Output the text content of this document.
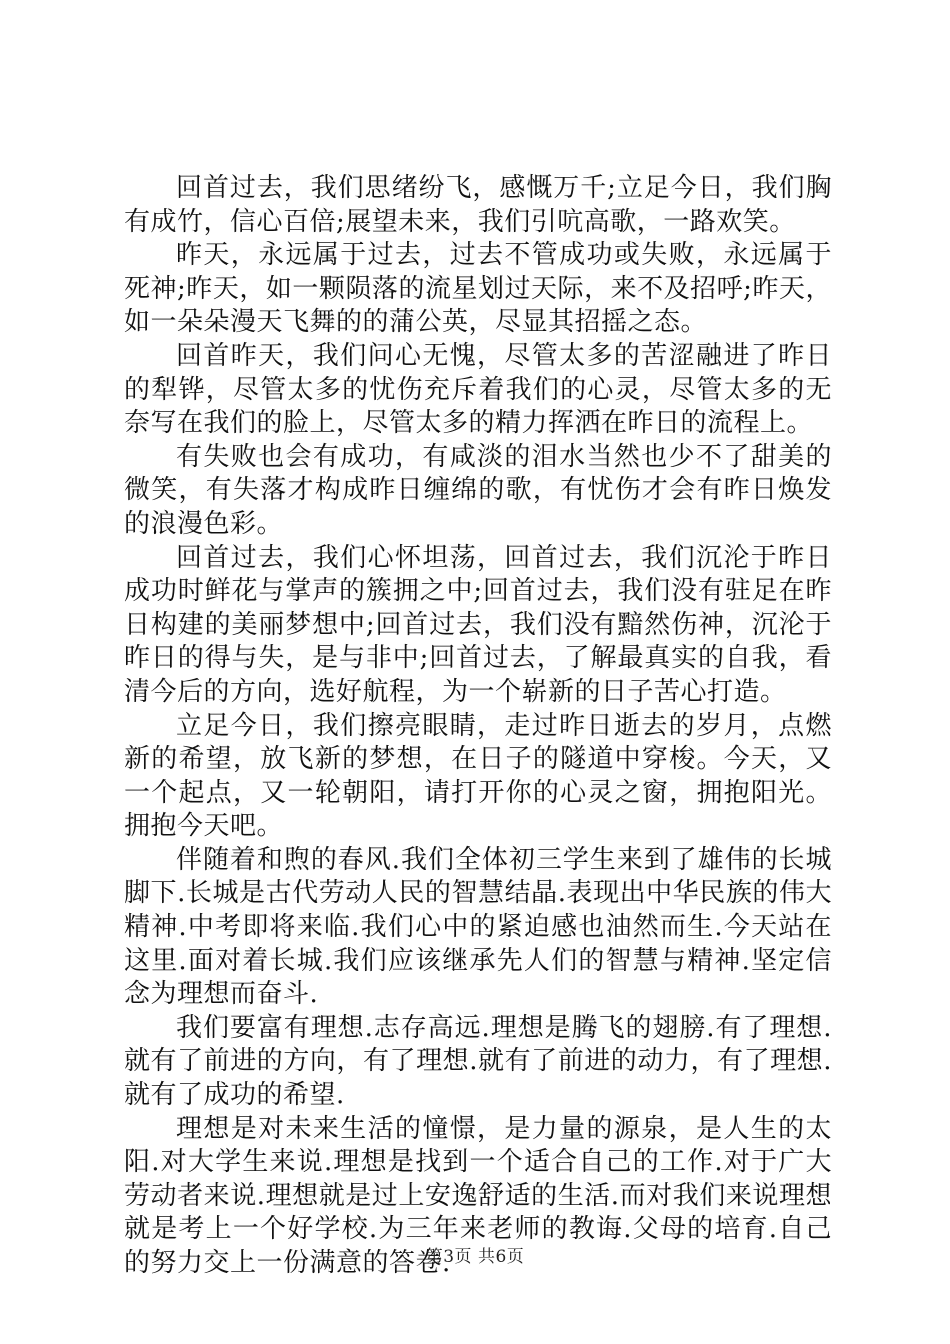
回首过去，我们思绪纷飞，感慨万千;立足今日，我们胸有成竹，信心百倍;展望未来，我们引吭高歌，一路欢笑。

昨天，永远属于过去，过去不管成功或失败，永远属于死神;昨天，如一颗陨落的流星划过天际，来不及招呼;昨天，如一朵朵漫天飞舞的的蒲公英，尽显其招摇之态。

回首昨天，我们问心无愧，尽管太多的苦涩融进了昨日的犁铧，尽管太多的忧伤充斥着我们的心灵，尽管太多的无奈写在我们的脸上，尽管太多的精力挥洒在昨日的流程上。

有失败也会有成功，有咸淡的泪水当然也少不了甜美的微笑，有失落才构成昨日缠绵的歌，有忧伤才会有昨日焕发的浪漫色彩。

回首过去，我们心怀坦荡，回首过去，我们沉沦于昨日成功时鲜花与掌声的簇拥之中;回首过去，我们没有驻足在昨日构建的美丽梦想中;回首过去，我们没有黯然伤神，沉沦于昨日的得与失，是与非中;回首过去，了解最真实的自我，看清今后的方向，选好航程，为一个崭新的日子苦心打造。

立足今日，我们擦亮眼睛，走过昨日逝去的岁月，点燃新的希望，放飞新的梦想，在日子的隧道中穿梭。今天，又一个起点，又一轮朝阳，请打开你的心灵之窗，拥抱阳光。拥抱今天吧。

伴随着和煦的春风.我们全体初三学生来到了雄伟的长城脚下.长城是古代劳动人民的智慧结晶.表现出中华民族的伟大精神.中考即将来临.我们心中的紧迫感也油然而生.今天站在这里.面对着长城.我们应该继承先人们的智慧与精神.坚定信念为理想而奋斗.

我们要富有理想.志存高远.理想是腾飞的翅膀.有了理想.就有了前进的方向，有了理想.就有了前进的动力，有了理想.就有了成功的希望.

理想是对未来生活的憧憬，是力量的源泉，是人生的太阳.对大学生来说.理想是找到一个适合自己的工作.对于广大劳动者来说.理想就是过上安逸舒适的生活.而对我们来说理想就是考上一个好学校.为三年来老师的教诲.父母的培育.自己的努力交上一份满意的答卷.

第3页 共6页
